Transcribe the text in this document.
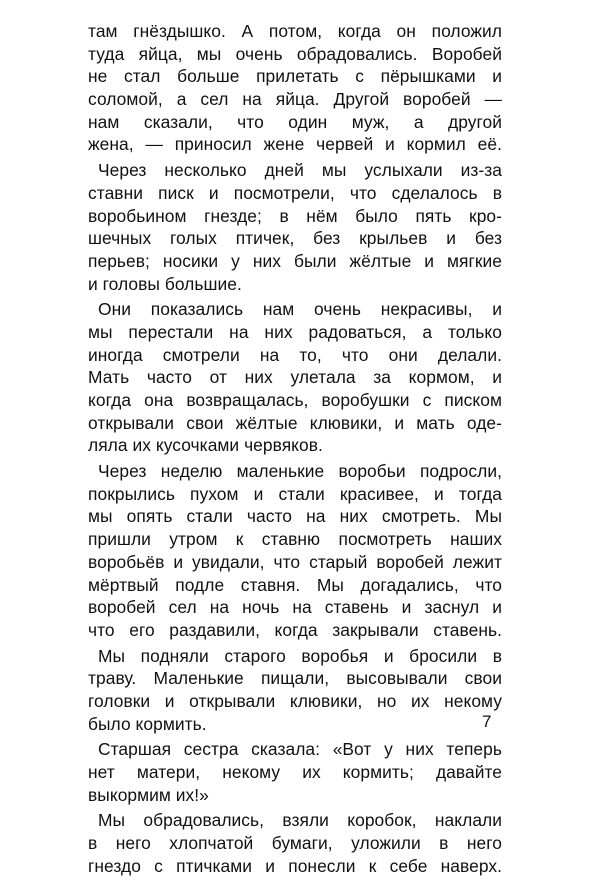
там гнёздышко. А потом, когда он положил
туда яйца, мы очень обрадовались. Воробей
не стал больше прилетать с пёрышками и
соломой, а сел на яйца. Другой воробей —
нам сказали, что один муж, а другой
жена, — приносил жене червей и кормил её.
Через несколько дней мы услыхали из-за
ставни писк и посмотрели, что сделалось в
воробьином гнезде; в нём было пять кро-
шечных голых птичек, без крыльев и без
перьев; носики у них были жёлтые и мягкие
и головы большие.
Они показались нам очень некрасивы, и
мы перестали на них радоваться, а только
иногда смотрели на то, что они делали.
Мать часто от них улетала за кормом, и
когда она возвращалась, воробушки с писком
открывали свои жёлтые клювики, и мать оде-
ляла их кусочками червяков.
Через неделю маленькие воробьи подросли,
покрылись пухом и стали красивее, и тогда
мы опять стали часто на них смотреть. Мы
пришли утром к ставню посмотреть наших
воробьёв и увидали, что старый воробей лежит
мёртвый подле ставня. Мы догадались, что
воробей сел на ночь на ставень и заснул и
что его раздавили, когда закрывали ставень.
Мы подняли старого воробья и бросили в
траву. Маленькие пищали, высовывали свои
головки и открывали клювики, но их некому
было кормить.
Старшая сестра сказала: «Вот у них теперь
нет матери, некому их кормить; давайте
выкормим их!»
Мы обрадовались, взяли коробок, наклали
в него хлопчатой бумаги, уложили в него
гнездо с птичками и понесли к себе наверх.
7
